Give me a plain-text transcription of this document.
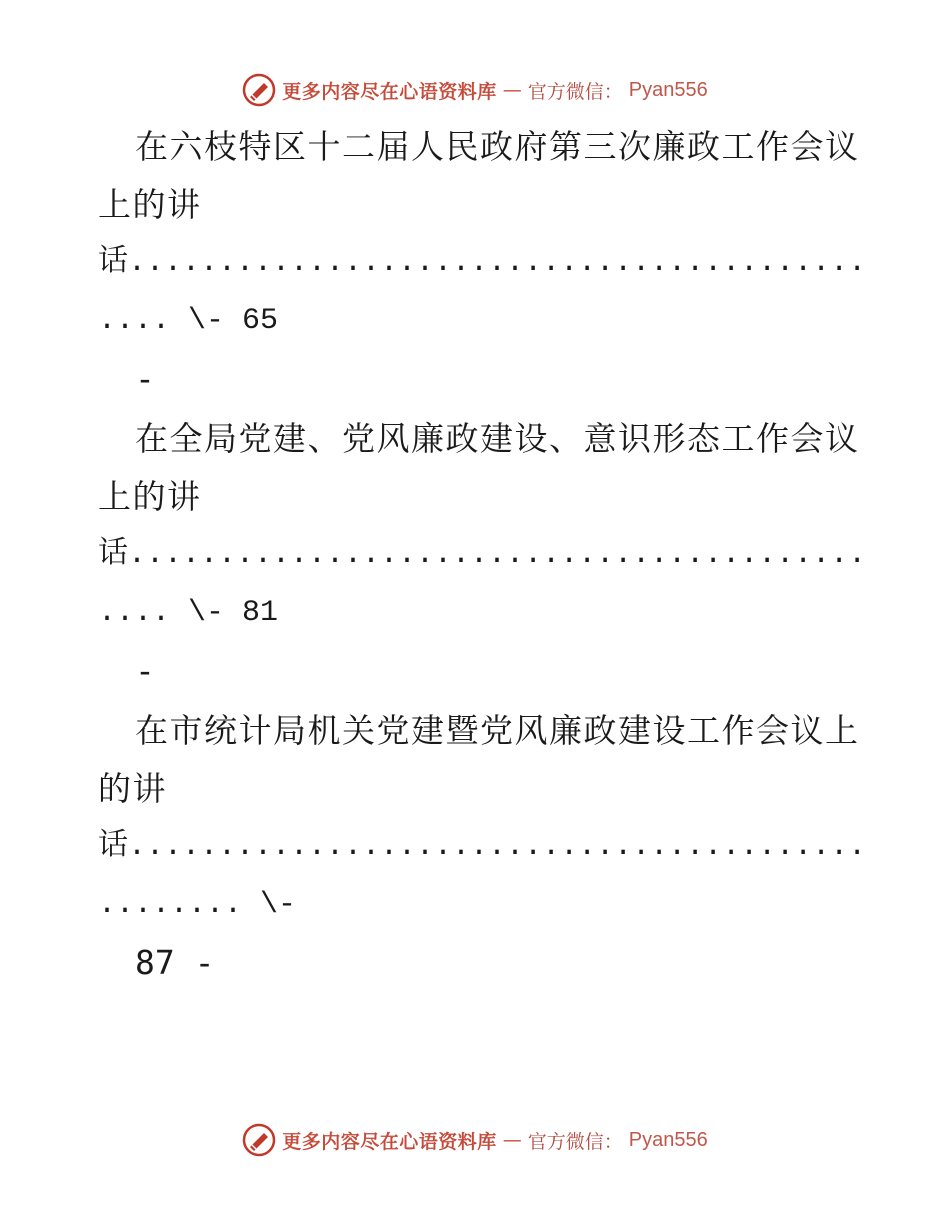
更多内容尽在心语资料库 — 官方微信： Pyan556
在六枝特区十二届人民政府第三次廉政工作会议
上的讲
话.........................................
.... \- 65
-
在全局党建、党风廉政建设、意识形态工作会议
上的讲
话.........................................
.... \- 81
-
在市统计局机关党建暨党风廉政建设工作会议上
的讲
话.........................................
........ \-
87 -
更多内容尽在心语资料库 — 官方微信： Pyan556
